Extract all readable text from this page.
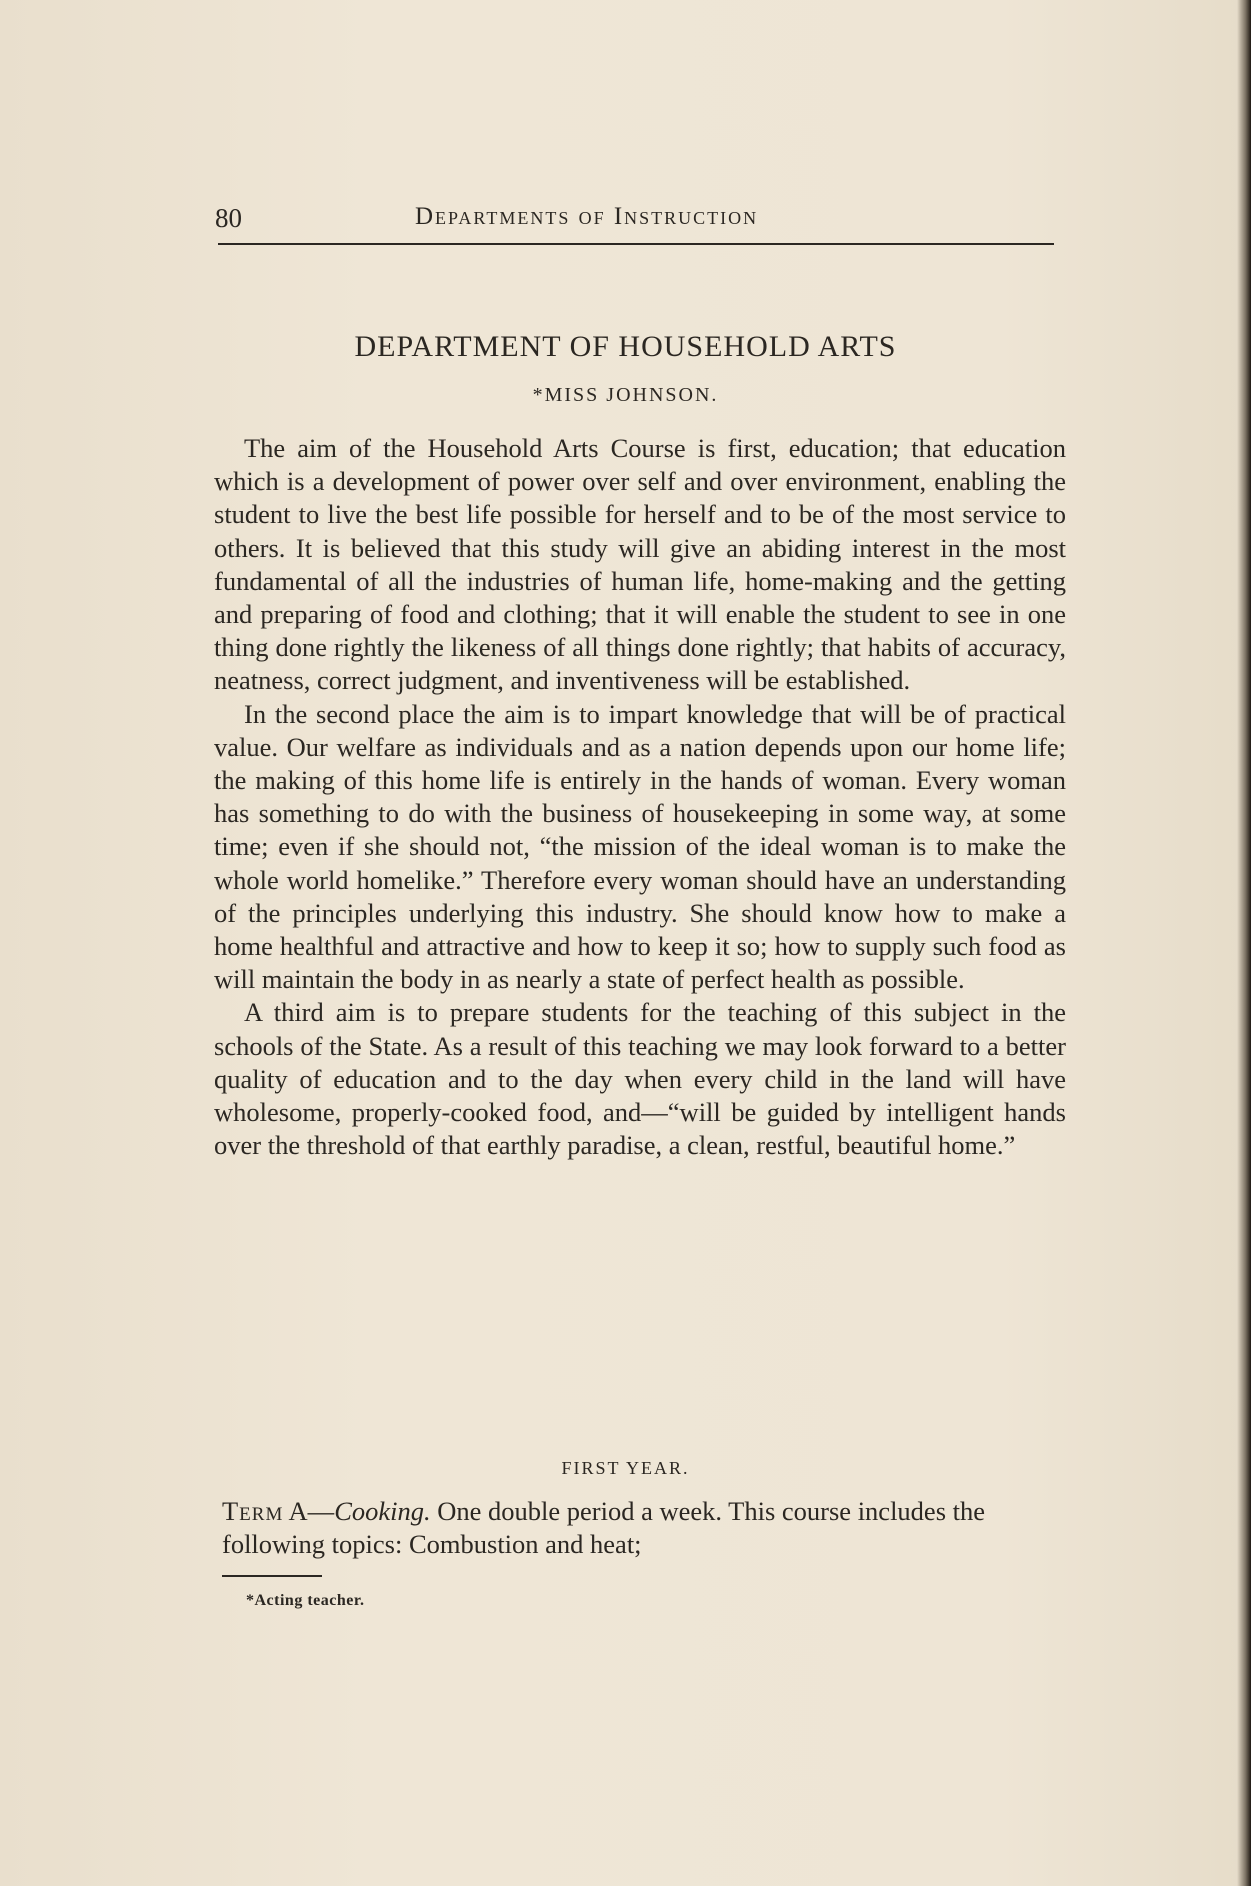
80	Departments of Instruction
DEPARTMENT OF HOUSEHOLD ARTS
*MISS JOHNSON.

The aim of the Household Arts Course is first, education; that education which is a development of power over self and over environment, enabling the student to live the best life possible for herself and to be of the most service to others. It is believed that this study will give an abiding interest in the most fundamental of all the industries of human life, home-making and the getting and preparing of food and clothing; that it will enable the student to see in one thing done rightly the likeness of all things done rightly; that habits of accuracy, neatness, correct judgment, and inventiveness will be established.

In the second place the aim is to impart knowledge that will be of practical value. Our welfare as individuals and as a nation depends upon our home life; the making of this home life is entirely in the hands of woman. Every woman has something to do with the business of housekeeping in some way, at some time; even if she should not, “the mission of the ideal woman is to make the whole world homelike.” Therefore every woman should have an understanding of the principles underlying this industry. She should know how to make a home healthful and attractive and how to keep it so; how to supply such food as will maintain the body in as nearly a state of perfect health as possible.

A third aim is to prepare students for the teaching of this subject in the schools of the State. As a result of this teaching we may look forward to a better quality of education and to the day when every child in the land will have wholesome, properly-cooked food, and—“will be guided by intelligent hands over the threshold of that earthly paradise, a clean, restful, beautiful home.”

FIRST YEAR.
Term A—Cooking. One double period a week. This course includes the following topics: Combustion and heat;
*Acting teacher.
